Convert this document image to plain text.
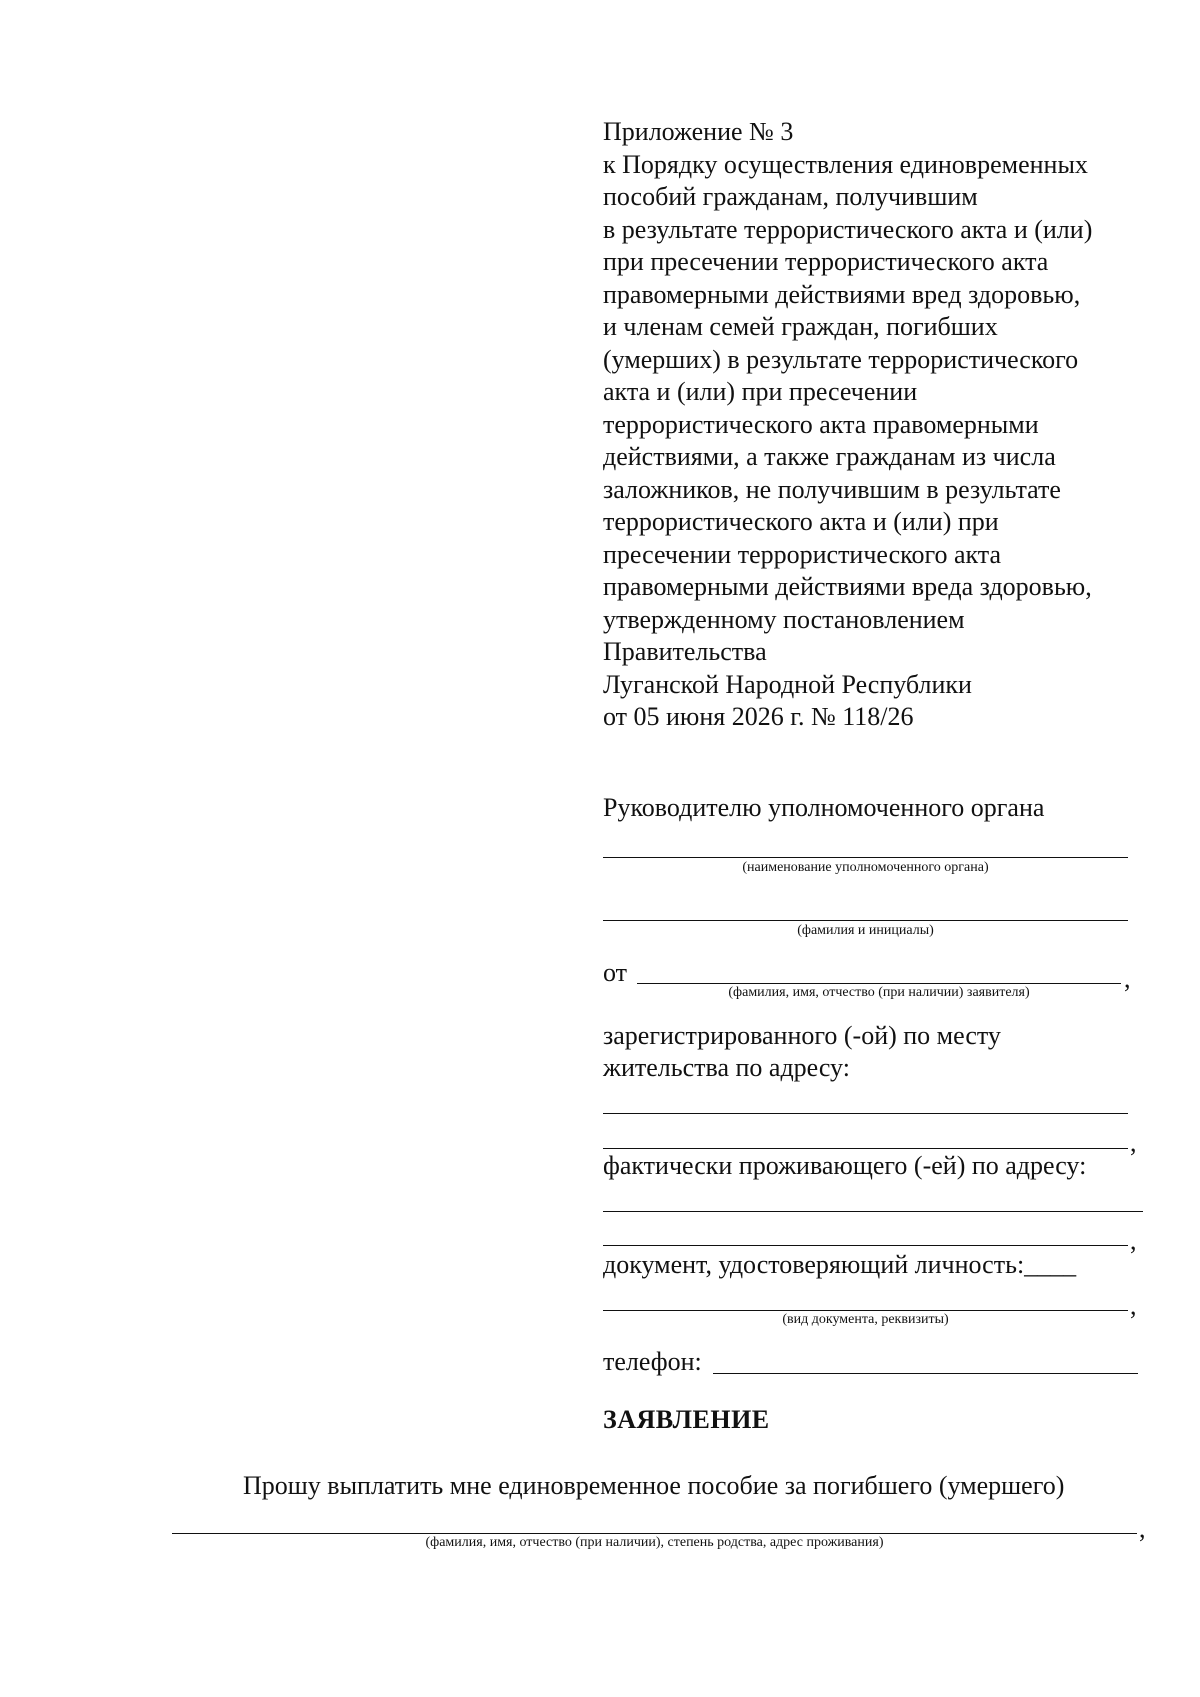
Приложение № 3
к Порядку осуществления единовременных
пособий гражданам, получившим
в результате террористического акта и (или)
при пресечении террористического акта
правомерными действиями вред здоровью,
и членам семей граждан, погибших
(умерших) в результате террористического
акта и (или) при пресечении
террористического акта правомерными
действиями, а также гражданам из числа
заложников, не получившим в результате
террористического акта и (или) при
пресечении террористического акта
правомерными действиями вреда здоровью,
утвержденному постановлением
Правительства
Луганской Народной Республики
от 05 июня 2026 г. № 118/26
Руководителю уполномоченного органа
(наименование уполномоченного органа)
(фамилия и инициалы)
от	,
(фамилия, имя, отчество (при наличии) заявителя)
зарегистрированного (-ой) по месту
жительства по адресу:
,
фактически проживающего (-ей) по адресу:
,
документ, удостоверяющий личность:____
,
(вид документа, реквизиты)
телефон:
ЗАЯВЛЕНИЕ
Прошу выплатить мне единовременное пособие за погибшего (умершего)
,
(фамилия, имя, отчество (при наличии), степень родства, адрес проживания)
